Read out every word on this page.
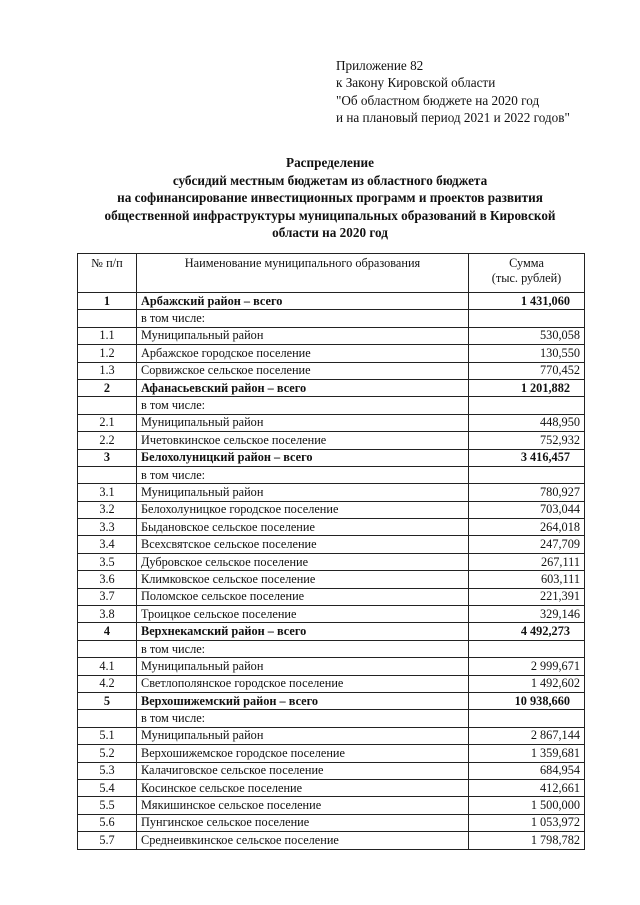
Приложение 82
к Закону Кировской области
"Об областном бюджете на 2020 год
и на плановый период 2021 и 2022 годов"
Распределение
субсидий местным бюджетам из областного бюджета
на софинансирование инвестиционных программ и проектов развития
общественной инфраструктуры муниципальных образований в Кировской
области на 2020 год
№ п/п	Наименование муниципального образования	Сумма
(тыс. рублей)

1	Арбажский район – всего	1 431,060
	в том числе:	
1.1	Муниципальный район	530,058
1.2	Арбажское городское поселение	130,550
1.3	Сорвижское сельское поселение	770,452
2	Афанасьевский район – всего	1 201,882
	в том числе:	
2.1	Муниципальный район	448,950
2.2	Ичетовкинское сельское поселение	752,932
3	Белохолуницкий район – всего	3 416,457
	в том числе:	
3.1	Муниципальный район	780,927
3.2	Белохолуницкое городское поселение	703,044
3.3	Быдановское сельское поселение	264,018
3.4	Всехсвятское сельское поселение	247,709
3.5	Дубровское сельское поселение	267,111
3.6	Климковское сельское поселение	603,111
3.7	Поломское сельское поселение	221,391
3.8	Троицкое сельское поселение	329,146
4	Верхнекамский район – всего	4 492,273
	в том числе:	
4.1	Муниципальный район	2 999,671
4.2	Светлополянское городское поселение	1 492,602
5	Верхошижемский район – всего	10 938,660
	в том числе:	
5.1	Муниципальный район	2 867,144
5.2	Верхошижемское городское поселение	1 359,681
5.3	Калачиговское сельское поселение	684,954
5.4	Косинское сельское поселение	412,661
5.5	Мякишинское сельское поселение	1 500,000
5.6	Пунгинское сельское поселение	1 053,972
5.7	Среднеивкинское сельское поселение	1 798,782
